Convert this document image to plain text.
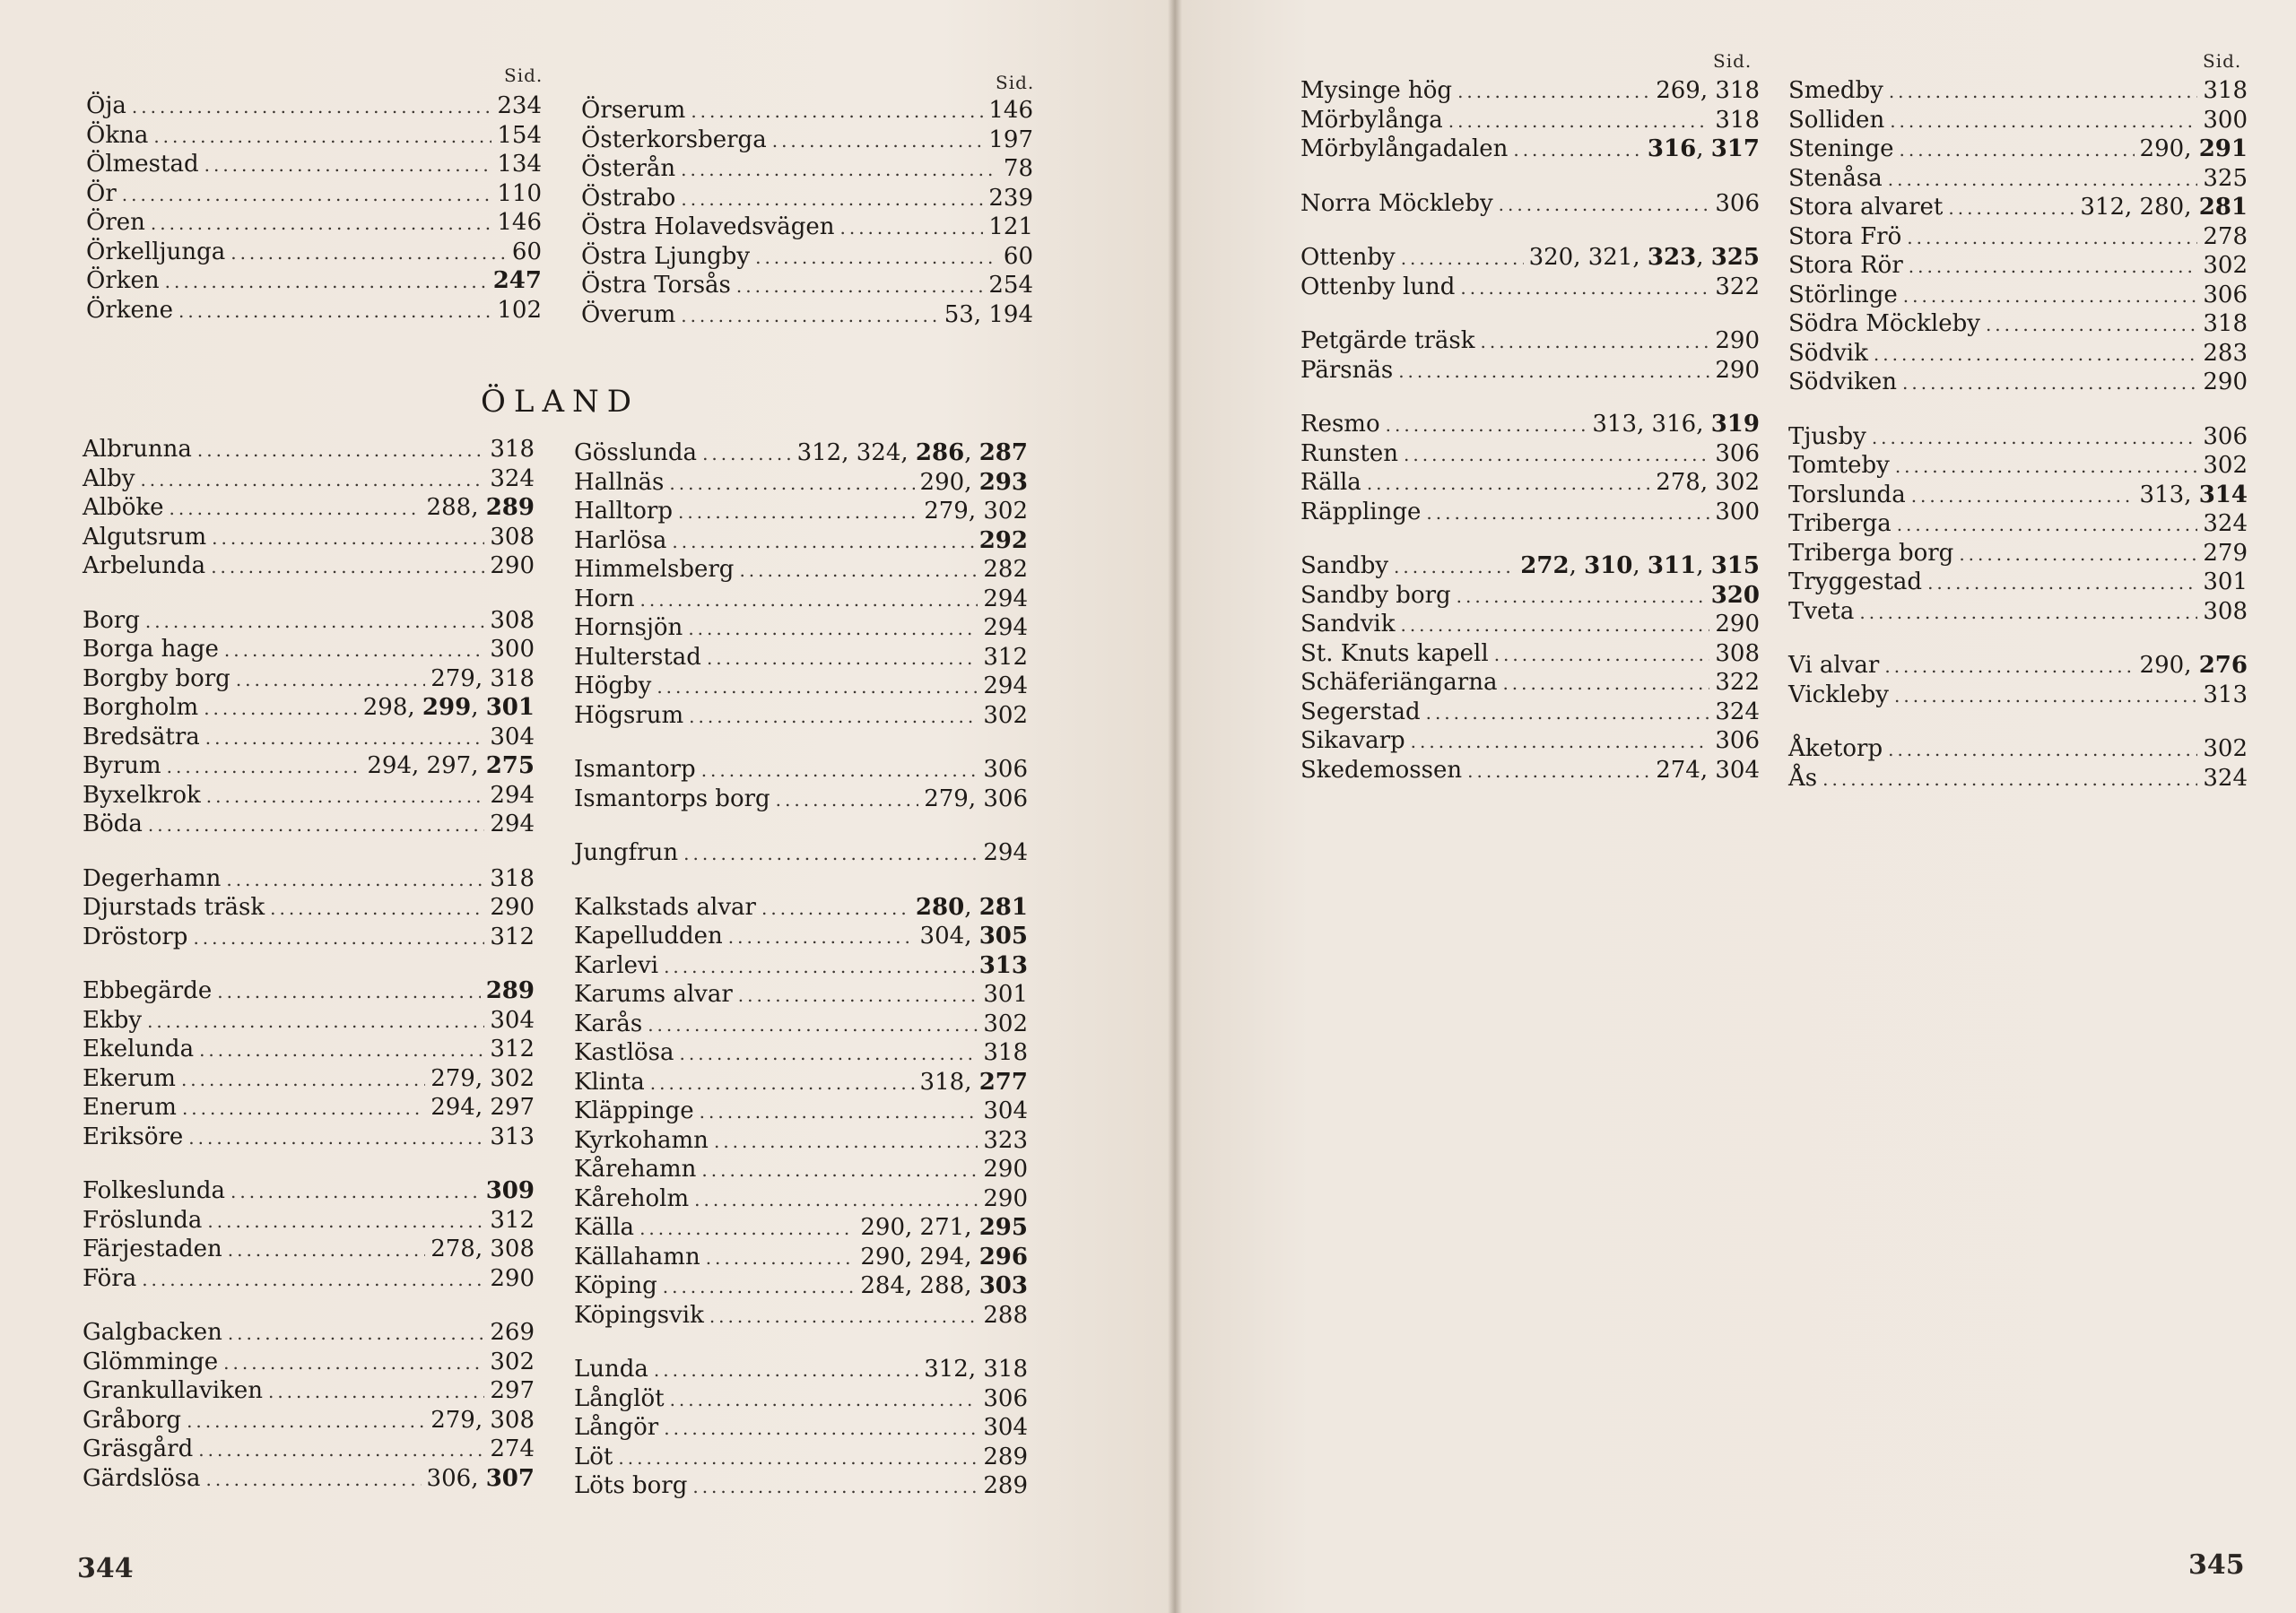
Sid.	Sid.
Öja .....	234
Ökna .....	154
Ölmestad .....	134
Ör .....	110
Ören .....	146
Örkelljunga .....	60
Örken .....	247
Örkene .....	102
Örserum .....	146
Österkorsberga .....	197
Österån .....	78
Östrabo .....	239
Östra Holavedsvägen .....	121
Östra Ljungby .....	60
Östra Torsås .....	254
Överum .....	53, 194
ÖLAND
Albrunna .....	318
Alby .....	324
Alböke .....	288, 289
Algutsrum .....	308
Arbelunda .....	290
Borg .....	308
Borga hage .....	300
Borgby borg .....	279, 318
Borgholm .....	298, 299, 301
Bredsätra .....	304
Byrum .....	294, 297, 275
Byxelkrok .....	294
Böda .....	294
Degerhamn .....	318
Djurstads träsk .....	290
Dröstorp .....	312
Ebbegärde .....	289
Ekby .....	304
Ekelunda .....	312
Ekerum .....	279, 302
Enerum .....	294, 297
Eriksöre .....	313
Folkeslunda .....	309
Fröslunda .....	312
Färjestaden .....	278, 308
Föra .....	290
Galgbacken .....	269
Glömminge .....	302
Grankullaviken .....	297
Gråborg .....	279, 308
Gräsgård .....	274
Gärdslösa .....	306, 307
Gösslunda .....	312, 324, 286, 287
Hallnäs .....	290, 293
Halltorp .....	279, 302
Harlösa .....	292
Himmelsberg .....	282
Horn .....	294
Hornsjön .....	294
Hulterstad .....	312
Högby .....	294
Högsrum .....	302
Ismantorp .....	306
Ismantorps borg .....	279, 306
Jungfrun .....	294
Kalkstads alvar .....	280, 281
Kapelludden .....	304, 305
Karlevi .....	313
Karums alvar .....	301
Karås .....	302
Kastlösa .....	318
Klinta .....	318, 277
Kläppinge .....	304
Kyrkohamn .....	323
Kårehamn .....	290
Kåreholm .....	290
Källa .....	290, 271, 295
Källahamn .....	290, 294, 296
Köping .....	284, 288, 303
Köpingsvik .....	288
Lunda .....	312, 318
Långlöt .....	306
Långör .....	304
Löt .....	289
Löts borg .....	289
344
Sid.	Sid.
Mysinge hög .....	269, 318
Mörbylånga .....	318
Mörbylångadalen .....	316, 317
Norra Möckleby .....	306
Ottenby .....	320, 321, 323, 325
Ottenby lund .....	322
Petgärde träsk .....	290
Pärsnäs .....	290
Resmo .....	313, 316, 319
Runsten .....	306
Rälla .....	278, 302
Räpplinge .....	300
Sandby .....	272, 310, 311, 315
Sandby borg .....	320
Sandvik .....	290
St. Knuts kapell .....	308
Schäferiängarna .....	322
Segerstad .....	324
Sikavarp .....	306
Skedemossen .....	274, 304
Smedby .....	318
Solliden .....	300
Steninge .....	290, 291
Stenåsa .....	325
Stora alvaret .....	312, 280, 281
Stora Frö .....	278
Stora Rör .....	302
Störlinge .....	306
Södra Möckleby .....	318
Södvik .....	283
Södviken .....	290
Tjusby .....	306
Tomteby .....	302
Torslunda .....	313, 314
Triberga .....	324
Triberga borg .....	279
Tryggestad .....	301
Tveta .....	308
Vi alvar .....	290, 276
Vickleby .....	313
Åketorp .....	302
Ås .....	324
345
